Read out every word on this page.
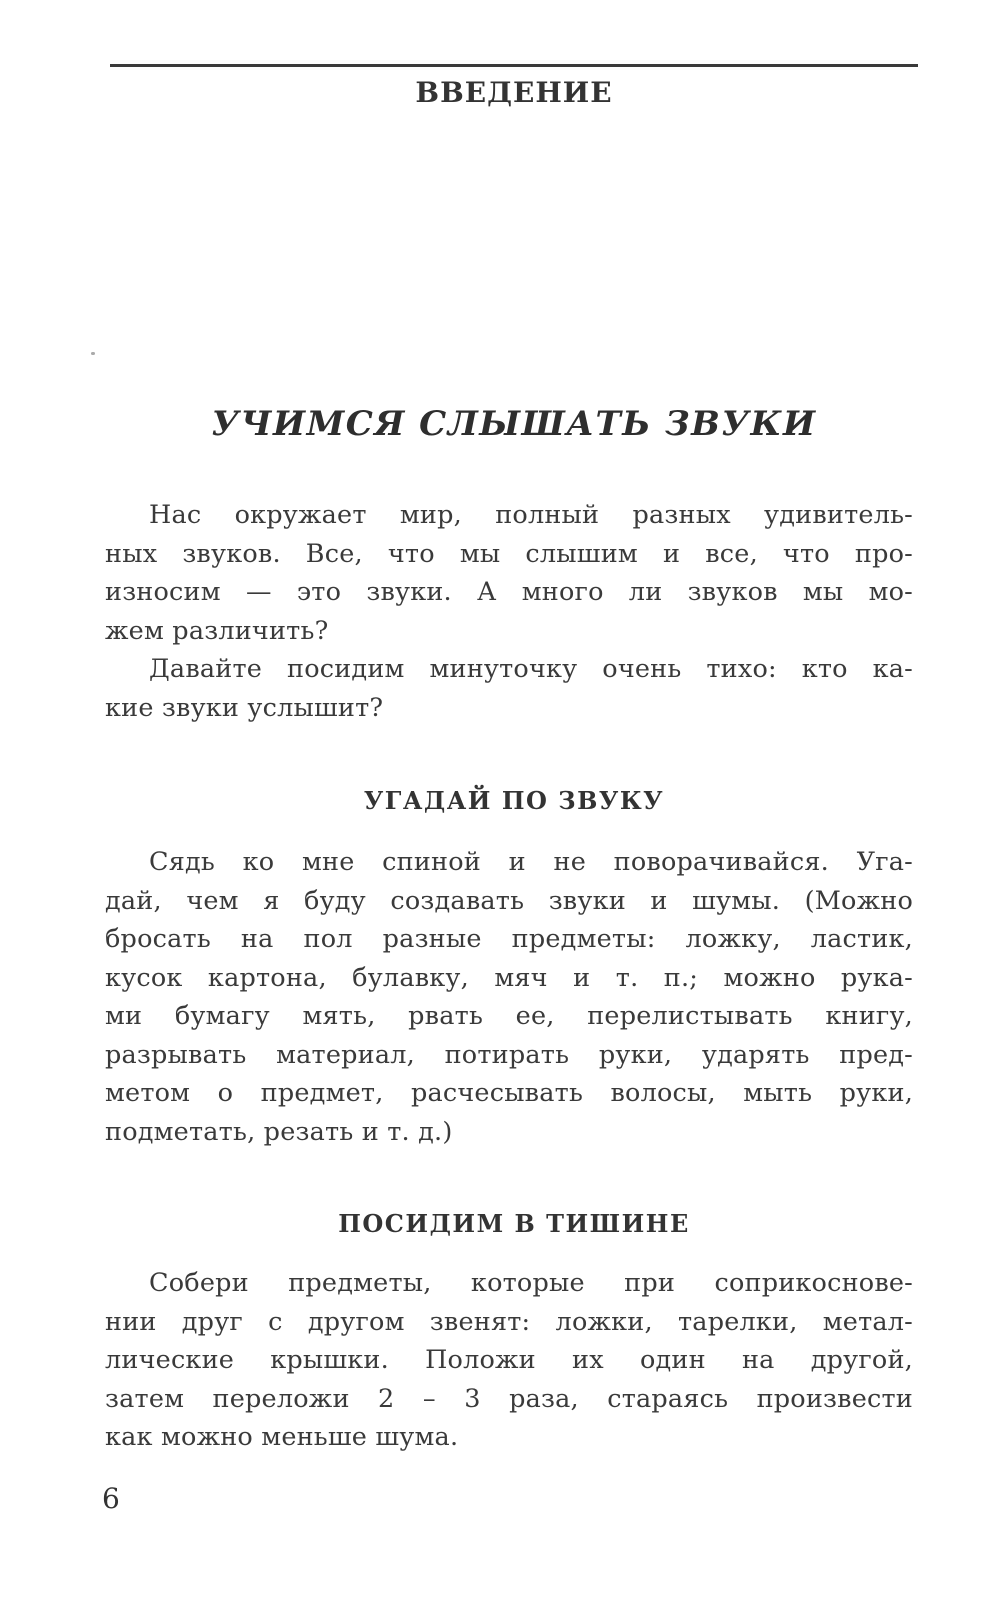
ВВЕДЕНИЕ
УЧИМСЯ СЛЫШАТЬ ЗВУКИ
Нас окружает мир, полный разных удивитель-
ных звуков. Все, что мы слышим и все, что про-
износим — это звуки. А много ли звуков мы мо-
жем различить?
Давайте посидим минуточку очень тихо: кто ка-
кие звуки услышит?
УГАДАЙ ПО ЗВУКУ
Сядь ко мне спиной и не поворачивайся. Уга-
дай, чем я буду создавать звуки и шумы. (Можно
бросать на пол разные предметы: ложку, ластик,
кусок картона, булавку, мяч и т. п.; можно рука-
ми бумагу мять, рвать ее, перелистывать книгу,
разрывать материал, потирать руки, ударять пред-
метом о предмет, расчесывать волосы, мыть руки,
подметать, резать и т. д.)
ПОСИДИМ В ТИШИНЕ
Собери предметы, которые при соприкоснове-
нии друг с другом звенят: ложки, тарелки, метал-
лические крышки. Положи их один на другой,
затем переложи 2 – 3 раза, стараясь произвести
как можно меньше шума.
6
